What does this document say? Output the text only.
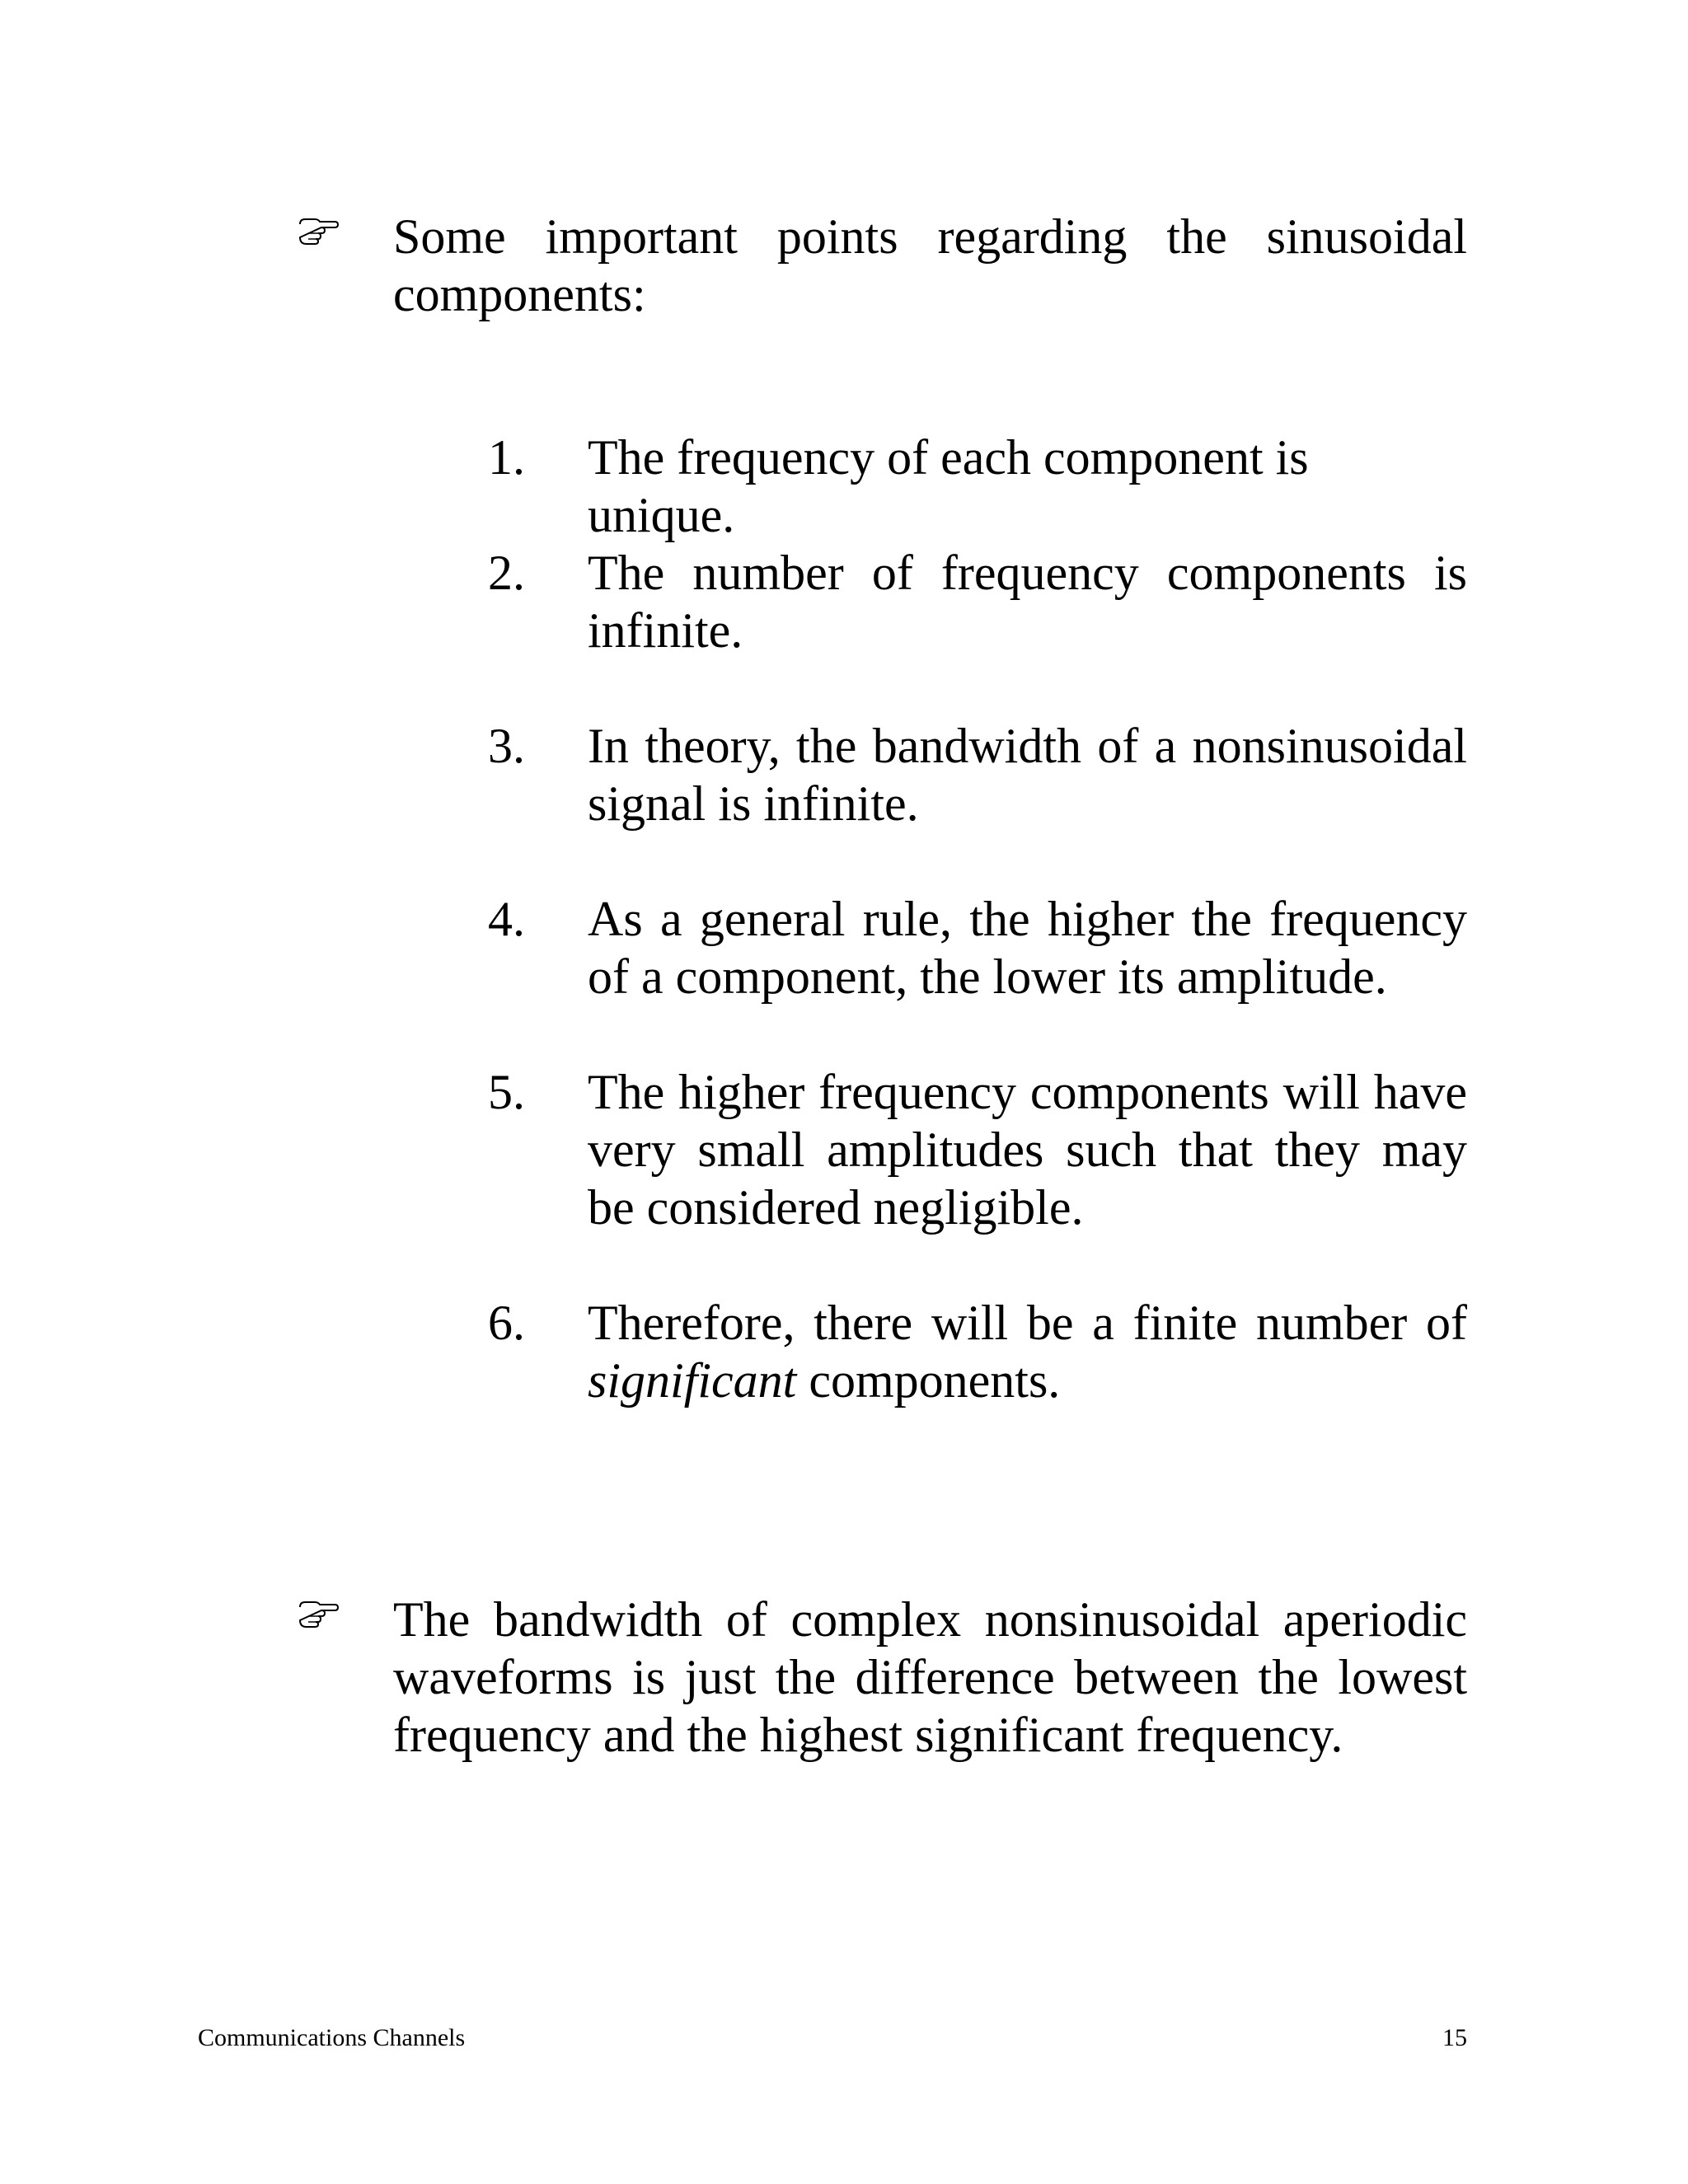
Some important points regarding the sinusoidal components:
1. The frequency of each component is unique.
2. The number of frequency components is infinite.
3. In theory, the bandwidth of a nonsinusoidal signal is infinite.
4. As a general rule, the higher the frequency of a component, the lower its amplitude.
5. The higher frequency components will have very small amplitudes such that they may be considered negligible.
6. Therefore, there will be a finite number of significant components.
The bandwidth of complex nonsinusoidal aperiodic waveforms is just the difference between the lowest frequency and the highest significant frequency.
Communications Channels	15
